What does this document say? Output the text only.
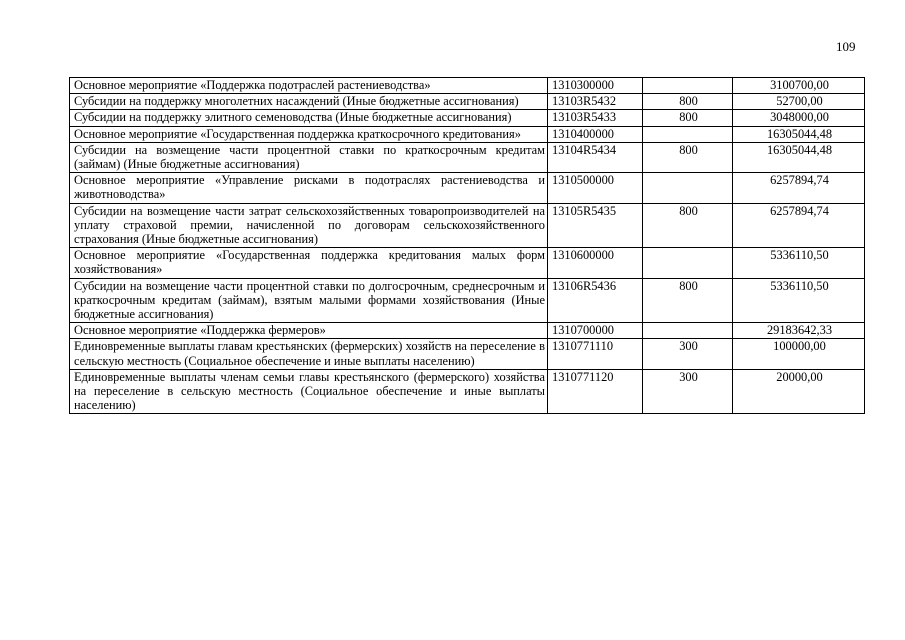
109
Основное мероприятие «Поддержка подотраслей растениеводства»	1310300000		3100700,00
Субсидии на поддержку многолетних насаждений (Иные бюджетные ассигнования)	13103R5432	800	52700,00
Субсидии на поддержку элитного семеноводства (Иные бюджетные ассигнования)	13103R5433	800	3048000,00
Основное мероприятие «Государственная поддержка краткосрочного кредитования»	1310400000		16305044,48
Субсидии на возмещение части процентной ставки по краткосрочным кредитам (займам) (Иные бюджетные ассигнования)	13104R5434	800	16305044,48
Основное мероприятие «Управление рисками в подотраслях растениеводства и животноводства»	1310500000		6257894,74
Субсидии на возмещение части затрат сельскохозяйственных товаропроизводителей на уплату страховой премии, начисленной по договорам сельскохозяйственного страхования (Иные бюджетные ассигнования)	13105R5435	800	6257894,74
Основное мероприятие «Государственная поддержка кредитования малых форм хозяйствования»	1310600000		5336110,50
Субсидии на возмещение части процентной ставки по долгосрочным, среднесрочным и краткосрочным кредитам (займам), взятым малыми формами хозяйствования (Иные бюджетные ассигнования)	13106R5436	800	5336110,50
Основное мероприятие «Поддержка фермеров»	1310700000		29183642,33
Единовременные выплаты главам крестьянских (фермерских) хозяйств на переселение в сельскую местность (Социальное обеспечение и иные выплаты населению)	1310771110	300	100000,00
Единовременные выплаты членам семьи главы крестьянского (фермерского) хозяйства на переселение в сельскую местность (Социальное обеспечение и иные выплаты населению)	1310771120	300	20000,00
